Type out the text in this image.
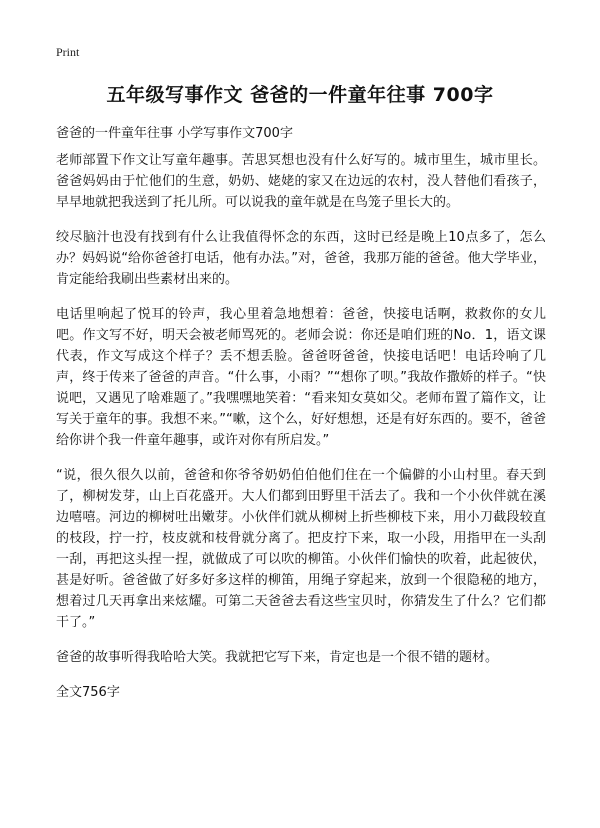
Print
五年级写事作文 爸爸的一件童年往事 700字
爸爸的一件童年往事 小学写事作文700字

老师部置下作文让写童年趣事。苦思冥想也没有什么好写的。城市里生，城市里长。爸爸妈妈由于忙他们的生意，奶奶、姥姥的家又在边远的农村，没人替他们看孩子，早早地就把我送到了托儿所。可以说我的童年就是在鸟笼子里长大的。

绞尽脑汁也没有找到有什么让我值得怀念的东西，这时已经是晚上10点多了，怎么办？妈妈说“给你爸爸打电话，他有办法。”对，爸爸，我那万能的爸爸。他大学毕业，肯定能给我刷出些素材出来的。

电话里响起了悦耳的铃声，我心里着急地想着：爸爸，快接电话啊，救救你的女儿吧。作文写不好，明天会被老师骂死的。老师会说：你还是咱们班的No．1，语文课代表，作文写成这个样子？丢不想丢脸。爸爸呀爸爸，快接电话吧！电话玲响了几声，终于传来了爸爸的声音。“什么事，小雨？”“想你了呗。”我故作撒娇的样子。“快说吧，又遇见了啥难题了。”我嘿嘿地笑着：“看来知女莫如父。老师布置了篇作文，让写关于童年的事。我想不来。”“嗽，这个么，好好想想，还是有好东西的。要不，爸爸给你讲个我一件童年趣事，或许对你有所启发。”

“说，很久很久以前，爸爸和你爷爷奶奶伯伯他们住在一个偏僻的小山村里。春天到了，柳树发芽，山上百花盛开。大人们都到田野里干活去了。我和一个小伙伴就在溪边嘻嘻。河边的柳树吐出嫩芽。小伙伴们就从柳树上折些柳枝下来，用小刀截段较直的枝段，拧一拧，枝皮就和枝骨就分离了。把皮拧下来，取一小段，用指甲在一头刮一刮，再把这头捏一捏，就做成了可以吹的柳笛。小伙伴们愉快的吹着，此起彼伏，甚是好听。爸爸做了好多好多这样的柳笛，用绳子穿起来，放到一个很隐秘的地方，想着过几天再拿出来炫耀。可第二天爸爸去看这些宝贝时，你猜发生了什么？它们都干了。”

爸爸的故事听得我哈哈大笑。我就把它写下来，肯定也是一个很不错的题材。

全文756字
